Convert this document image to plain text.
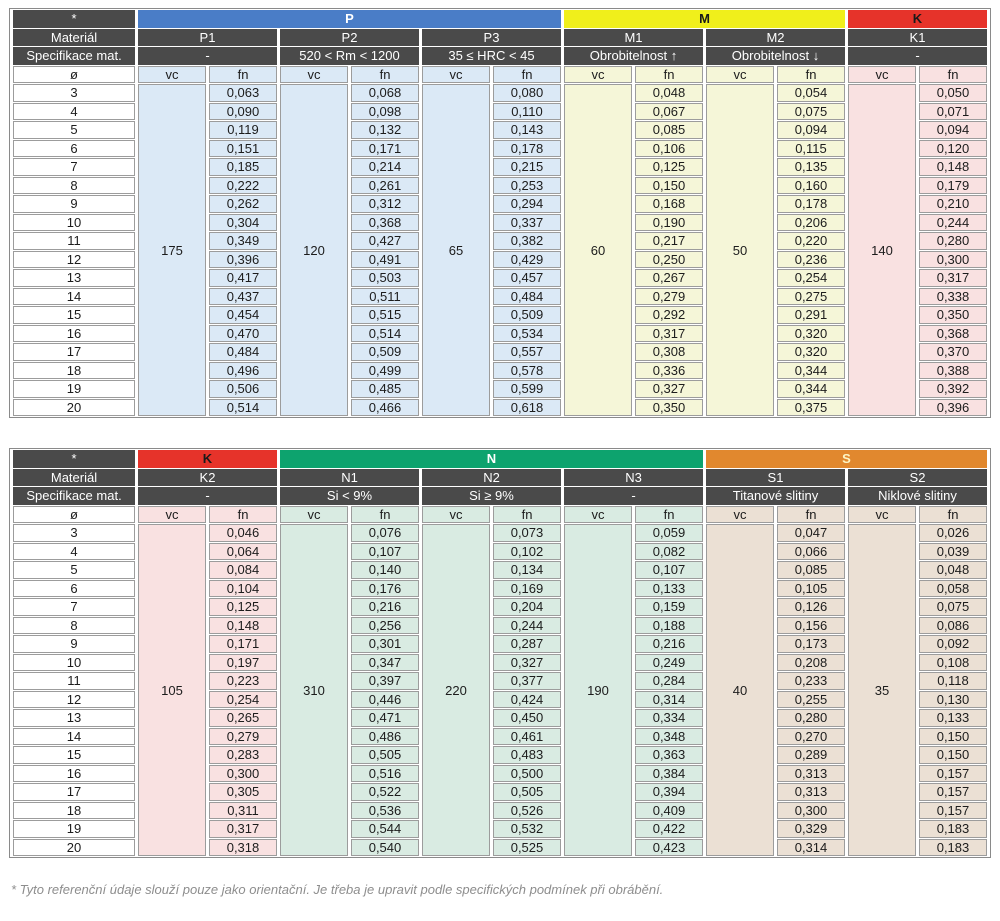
*	P						M				K	
Materiál	P1		P2		P3		M1		M2		K1	
Specifikace mat.	-		520 < Rm < 1200		35 ≤ HRC < 45		Obrobitelnost ↑		Obrobitelnost ↓		-	
ø	vc	fn	vc	fn	vc	fn	vc	fn	vc	fn	vc	fn
3	175	0,063	120	0,068	65	0,080	60	0,048	50	0,054	140	0,050
4		0,090		0,098		0,110		0,067		0,075		0,071
5		0,119		0,132		0,143		0,085		0,094		0,094
6		0,151		0,171		0,178		0,106		0,115		0,120
7		0,185		0,214		0,215		0,125		0,135		0,148
8		0,222		0,261		0,253		0,150		0,160		0,179
9		0,262		0,312		0,294		0,168		0,178		0,210
10		0,304		0,368		0,337		0,190		0,206		0,244
11		0,349		0,427		0,382		0,217		0,220		0,280
12		0,396		0,491		0,429		0,250		0,236		0,300
13		0,417		0,503		0,457		0,267		0,254		0,317
14		0,437		0,511		0,484		0,279		0,275		0,338
15		0,454		0,515		0,509		0,292		0,291		0,350
16		0,470		0,514		0,534		0,317		0,320		0,368
17		0,484		0,509		0,557		0,308		0,320		0,370
18		0,496		0,499		0,578		0,336		0,344		0,388
19		0,506		0,485		0,599		0,327		0,344		0,392
20		0,514		0,466		0,618		0,350		0,375		0,396
*	K		N						S			
Materiál	K2		N1		N2		N3		S1		S2	
Specifikace mat.	-		Si < 9%		Si ≥ 9%		-		Titanové slitiny		Niklové slitiny	
ø	vc	fn	vc	fn	vc	fn	vc	fn	vc	fn	vc	fn
3	105	0,046	310	0,076	220	0,073	190	0,059	40	0,047	35	0,026
4		0,064		0,107		0,102		0,082		0,066		0,039
5		0,084		0,140		0,134		0,107		0,085		0,048
6		0,104		0,176		0,169		0,133		0,105		0,058
7		0,125		0,216		0,204		0,159		0,126		0,075
8		0,148		0,256		0,244		0,188		0,156		0,086
9		0,171		0,301		0,287		0,216		0,173		0,092
10		0,197		0,347		0,327		0,249		0,208		0,108
11		0,223		0,397		0,377		0,284		0,233		0,118
12		0,254		0,446		0,424		0,314		0,255		0,130
13		0,265		0,471		0,450		0,334		0,280		0,133
14		0,279		0,486		0,461		0,348		0,270		0,150
15		0,283		0,505		0,483		0,363		0,289		0,150
16		0,300		0,516		0,500		0,384		0,313		0,157
17		0,305		0,522		0,505		0,394		0,313		0,157
18		0,311		0,536		0,526		0,409		0,300		0,157
19		0,317		0,544		0,532		0,422		0,329		0,183
20		0,318		0,540		0,525		0,423		0,314		0,183

* Tyto referenční údaje slouží pouze jako orientační. Je třeba je upravit podle specifických podmínek při obrábění.
